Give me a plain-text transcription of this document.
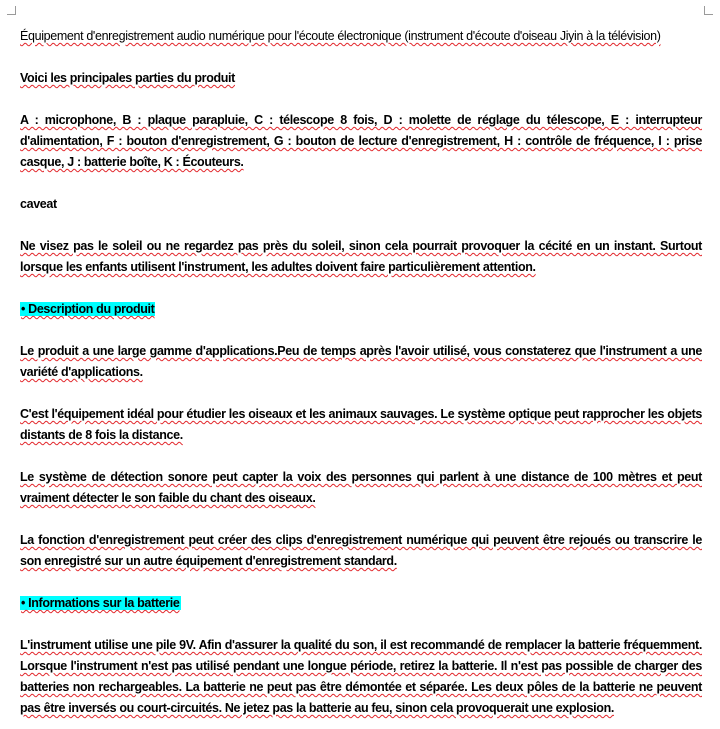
Équipement d'enregistrement audio numérique pour l'écoute électronique (instrument d'écoute d'oiseau Jiyin à la télévision)
Voici les principales parties du produit
A : microphone, B : plaque parapluie, C : télescope 8 fois, D : molette de réglage du télescope, E : interrupteur d'alimentation, F : bouton d'enregistrement, G : bouton de lecture d'enregistrement, H : contrôle de fréquence, I : prise casque, J : batterie boîte, K : Écouteurs.
caveat
Ne visez pas le soleil ou ne regardez pas près du soleil, sinon cela pourrait provoquer la cécité en un instant. Surtout lorsque les enfants utilisent l'instrument, les adultes doivent faire particulièrement attention.
• Description du produit
Le produit a une large gamme d'applications.Peu de temps après l'avoir utilisé, vous constaterez que l'instrument a une variété d'applications.
C'est l'équipement idéal pour étudier les oiseaux et les animaux sauvages. Le système optique peut rapprocher les objets distants de 8 fois la distance.
Le système de détection sonore peut capter la voix des personnes qui parlent à une distance de 100 mètres et peut vraiment détecter le son faible du chant des oiseaux.
La fonction d'enregistrement peut créer des clips d'enregistrement numérique qui peuvent être rejoués ou transcrire le son enregistré sur un autre équipement d'enregistrement standard.
• Informations sur la batterie
L'instrument utilise une pile 9V. Afin d'assurer la qualité du son, il est recommandé de remplacer la batterie fréquemment. Lorsque l'instrument n'est pas utilisé pendant une longue période, retirez la batterie. Il n'est pas possible de charger des batteries non rechargeables. La batterie ne peut pas être démontée et séparée. Les deux pôles de la batterie ne peuvent pas être inversés ou court-circuités. Ne jetez pas la batterie au feu, sinon cela provoquerait une explosion.
